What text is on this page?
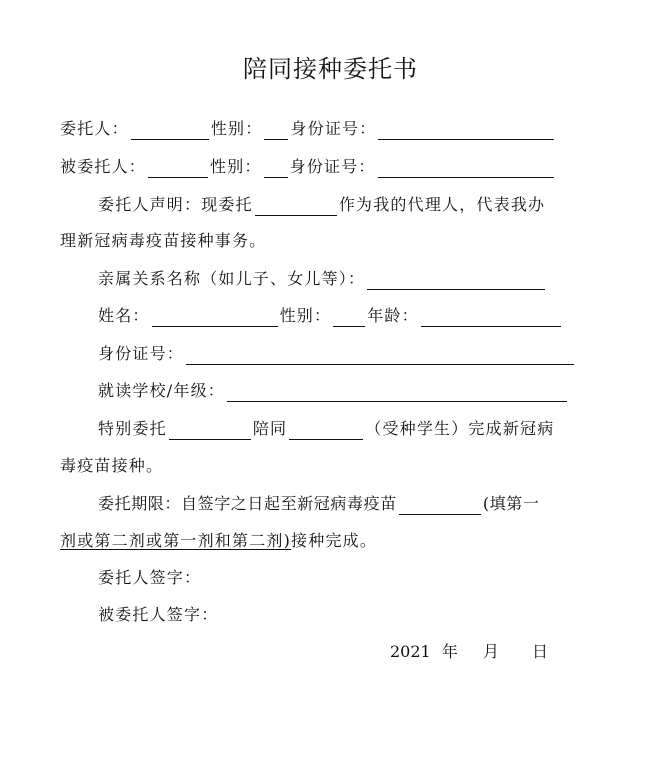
陪同接种委托书
委托人：	性别： 身份证号：
被委托人：	性别： 身份证号：
委托人声明：现委托	作为我的代理人，代表我办
理新冠病毒疫苗接种事务。
亲属关系名称（如儿子、女儿等）：
姓名：	性别： 年龄：
身份证号：
就读学校/年级：
特别委托	陪同	（受种学生）完成新冠病
毒疫苗接种。
委托期限：自签字之日起至新冠病毒疫苗	(填第一
剂或第二剂或第一剂和第二剂) 接种完成。
委托人签字：
被委托人签字：
2021 年 月 日
